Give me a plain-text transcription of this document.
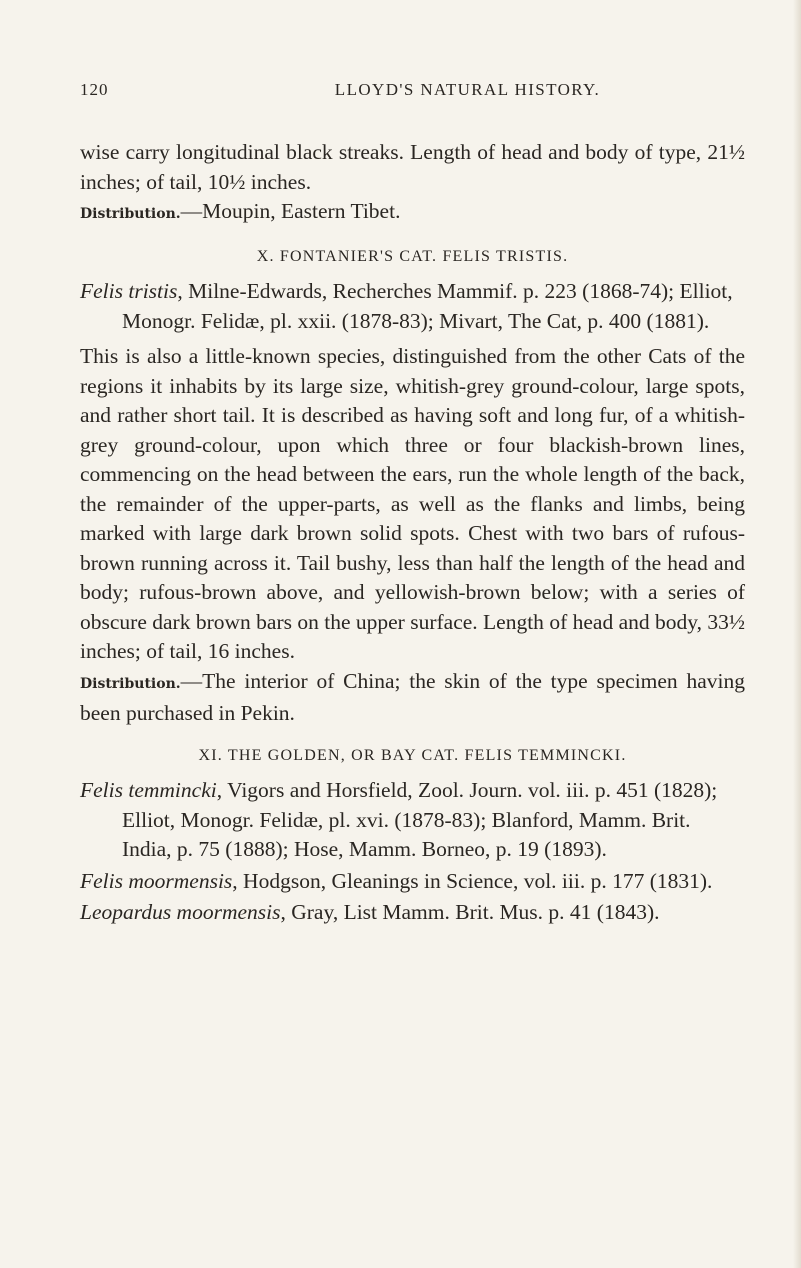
120	LLOYD'S NATURAL HISTORY.

wise carry longitudinal black streaks. Length of head and body of type, 21½ inches; of tail, 10½ inches.

Distribution.—Moupin, Eastern Tibet.

X. FONTANIER'S CAT. FELIS TRISTIS.

Felis tristis, Milne-Edwards, Recherches Mammif. p. 223 (1868-74); Elliot, Monogr. Felidæ, pl. xxii. (1878-83); Mivart, The Cat, p. 400 (1881).

This is also a little-known species, distinguished from the other Cats of the regions it inhabits by its large size, whitish-grey ground-colour, large spots, and rather short tail. It is described as having soft and long fur, of a whitish-grey ground-colour, upon which three or four blackish-brown lines, commencing on the head between the ears, run the whole length of the back, the remainder of the upper-parts, as well as the flanks and limbs, being marked with large dark brown solid spots. Chest with two bars of rufous-brown running across it. Tail bushy, less than half the length of the head and body; rufous-brown above, and yellowish-brown below; with a series of obscure dark brown bars on the upper surface. Length of head and body, 33½ inches; of tail, 16 inches.

Distribution.—The interior of China; the skin of the type specimen having been purchased in Pekin.

XI. THE GOLDEN, OR BAY CAT. FELIS TEMMINCKI.

Felis temmincki, Vigors and Horsfield, Zool. Journ. vol. iii. p. 451 (1828); Elliot, Monogr. Felidæ, pl. xvi. (1878-83); Blanford, Mamm. Brit. India, p. 75 (1888); Hose, Mamm. Borneo, p. 19 (1893).

Felis moormensis, Hodgson, Gleanings in Science, vol. iii. p. 177 (1831).

Leopardus moormensis, Gray, List Mamm. Brit. Mus. p. 41 (1843).
